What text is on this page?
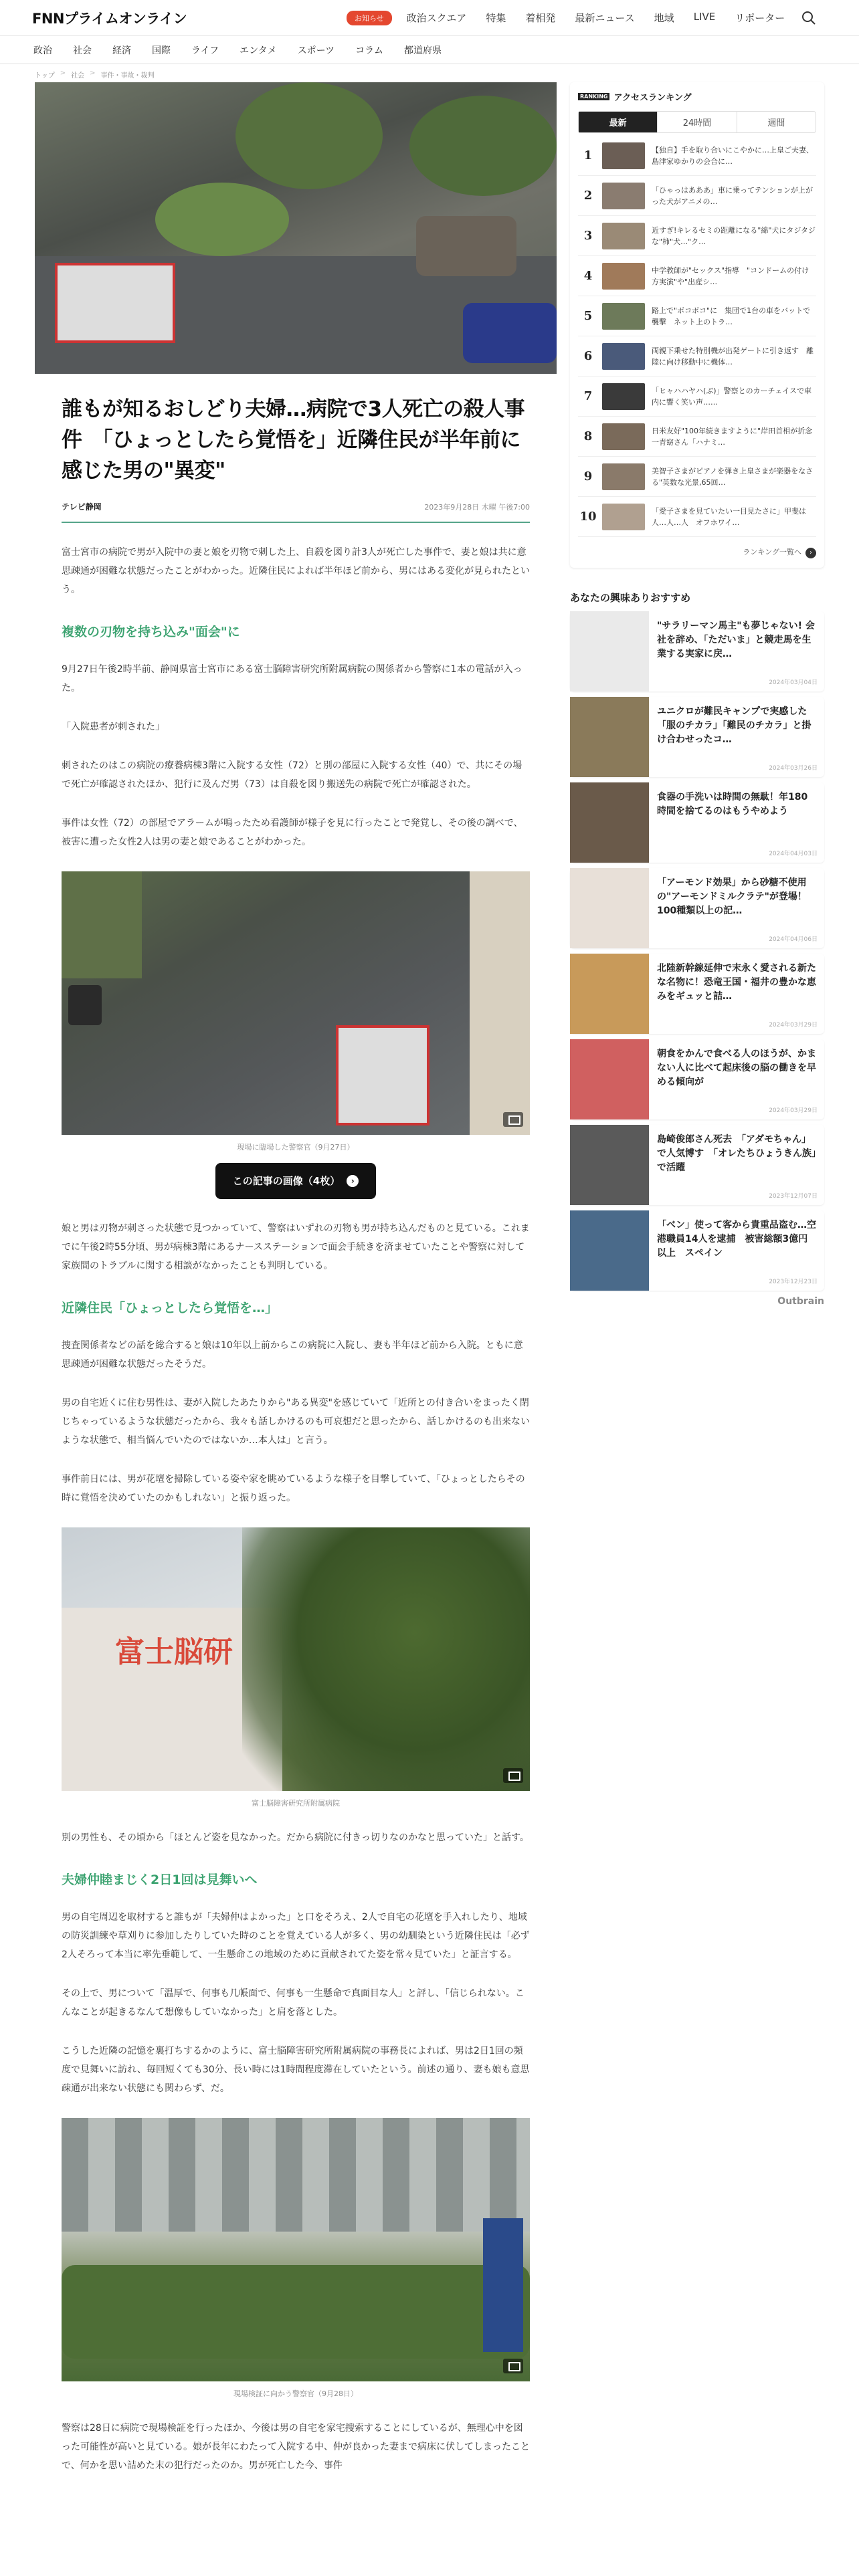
FNNプライムオンライン	お知らせ	政治スクエア 特集 着相発 最新ニュース 地域 LIVE リポーター
政治 社会 経済 国際 ライフ エンタメ スポーツ コラム 都道府県
トップ > 社会 > 事件・事故・裁判
誰もが知るおしどり夫婦…病院で3人死亡の殺人事件　「ひょっとしたら覚悟を」近隣住民が半年前に感じた男の"異変"
テレビ静岡	2023年9月28日 木曜 午後7:00

富士宮市の病院で男が入院中の妻と娘を刃物で刺した上、自殺を図り計3人が死亡した事件で、妻と娘は共に意思疎通が困難な状態だったことがわかった。近隣住民によれば半年ほど前から、男にはある変化が見られたという。

複数の刃物を持ち込み"面会"に

9月27日午後2時半前、静岡県富士宮市にある富士脳障害研究所附属病院の関係者から警察に1本の電話が入った。

「入院患者が刺された」

刺されたのはこの病院の療養病棟3階に入院する女性（72）と別の部屋に入院する女性（40）で、共にその場で死亡が確認されたほか、犯行に及んだ男（73）は自殺を図り搬送先の病院で死亡が確認された。

事件は女性（72）の部屋でアラームが鳴ったため看護師が様子を見に行ったことで発覚し、その後の調べで、被害に遭った女性2人は男の妻と娘であることがわかった。

現場に臨場した警察官（9月27日）

この記事の画像（4枚） ›

娘と男は刃物が刺さった状態で見つかっていて、警察はいずれの刃物も男が持ち込んだものと見ている。これまでに午後2時55分頃、男が病棟3階にあるナースステーションで面会手続きを済ませていたことや警察に対して家族間のトラブルに関する相談がなかったことも判明している。

近隣住民「ひょっとしたら覚悟を…」

捜査関係者などの話を総合すると娘は10年以上前からこの病院に入院し、妻も半年ほど前から入院。ともに意思疎通が困難な状態だったそうだ。

男の自宅近くに住む男性は、妻が入院したあたりから"ある異変"を感じていて「近所との付き合いをまったく閉じちゃっているような状態だったから、我々も話しかけるのも可哀想だと思ったから、話しかけるのも出来ないような状態で、相当悩んでいたのではないか…本人は」と言う。

事件前日には、男が花壇を掃除している姿や家を眺めているような様子を目撃していて、「ひょっとしたらその時に覚悟を決めていたのかもしれない」と振り返った。

富士脳研

富士脳障害研究所附属病院

別の男性も、その頃から「ほとんど姿を見なかった。だから病院に付きっ切りなのかなと思っていた」と話す。

夫婦仲睦まじく2日1回は見舞いへ

男の自宅周辺を取材すると誰もが「夫婦仲はよかった」と口をそろえ、2人で自宅の花壇を手入れしたり、地域の防災訓練や草刈りに参加したりしていた時のことを覚えている人が多く、男の幼馴染という近隣住民は「必ず2人そろって本当に率先垂範して、一生懸命この地域のために貢献されてた姿を常々見ていた」と証言する。

その上で、男について「温厚で、何事も几帳面で、何事も一生懸命で真面目な人」と評し、「信じられない。こんなことが起きるなんて想像もしていなかった」と肩を落とした。

こうした近隣の記憶を裏打ちするかのように、富士脳障害研究所附属病院の事務長によれば、男は2日1回の頻度で見舞いに訪れ、毎回短くても30分、長い時には1時間程度滞在していたという。前述の通り、妻も娘も意思疎通が出来ない状態にも関わらず、だ。

現場検証に向かう警察官（9月28日）

警察は28日に病院で現場検証を行ったほか、今後は男の自宅を家宅捜索することにしているが、無理心中を図った可能性が高いと見ている。娘が長年にわたって入院する中、仲が良かった妻まで病床に伏してしまったことで、何かを思い詰めた末の犯行だったのか。男が死亡した今、事件

RANKING アクセスランキング
最新	24時間	週間
1	【独自】手を取り合いにこやかに…上皇ご夫妻、島津家ゆかりの会合に…
2	「ひゃっはあああ」車に乗ってテンションが上がった犬がアニメの…
3	近すぎ!キレるセミの距離になる"綿"犬にタジタジな"柿"犬…"ク…
4	中学教師が"セックス"指導　"コンドームの付け方実演"や"出産シ…
5	路上で"ボコボコ"に　集団で1台の車をバットで襲撃　ネット上のトラ…
6	両親下乗せた特別機が出発ゲートに引き返す　離陸に向け移動中に機体…
7	「ヒャハハヤハ(ぶ)」警察とのカーチェイスで車内に響く笑い声……
8	日米友好"100年続きますように"岸田首相が折念　一青窈さん「ハナミ…
9	美智子さまがピアノを弾き上皇さまが楽器をなさる"英数な光景,65回…
10	「愛子さまを見ていたい一目見たさに」甲斐は人…人…人　オフホワイ…
ランキング一覧へ ›
あなたの興味ありおすすめ
"サラリーマン馬主"も夢じゃない! 会社を辞め、「ただいま」と競走馬を生業する実家に戻…
2024年03月04日
ユニクロが難民キャンプで実感した「服のチカラ」「難民のチカラ」と掛け合わせったコ…
2024年03月26日
食器の手洗いは時間の無駄！年180時間を捨てるのはもうやめよう
2024年04月03日
「アーモンド効果」から砂糖不使用の"アーモンドミルクラテ"が登場！100種類以上の記…
2024年04月06日
北陸新幹線延伸で末永く愛される新たな名物に！恐竜王国・福井の豊かな恵みをギュッと詰…
2024年03月29日
朝食をかんで食べる人のほうが、かまない人に比べて起床後の脳の働きを早める傾向が
2024年03月29日
島崎俊郎さん死去　「アダモちゃん」で人気博す　「オレたちひょうきん族」で活躍
2023年12月07日
「ベン」使って客から貴重品盗む…空港職員14人を逮捕　被害総額3億円以上　スペイン
2023年12月23日
Outbrain
